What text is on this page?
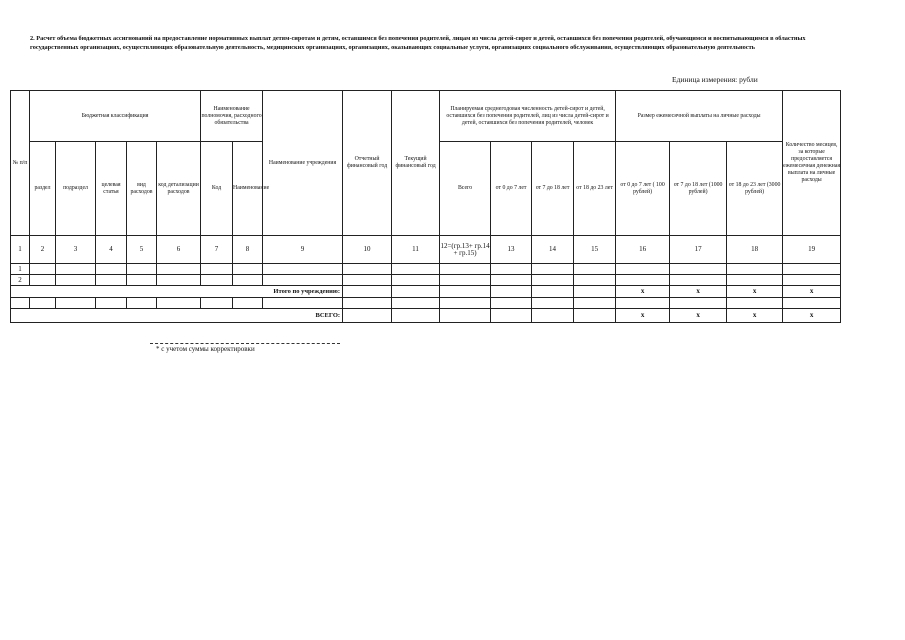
2. Расчет объема бюджетных ассигнований на предоставление нормативных выплат детям-сиротам и детям, оставшимся без попечения родителей, лицам из числа детей-сирот и детей, оставшихся без попечения родителей, обучающимся и воспитывающимся в областных государственных организациях, осуществляющих образовательную деятельность, медицинских организациях, организациях, оказывающих социальные услуги, организациях социального обслуживания, осуществляющих образовательную деятельность
Единица измерения: рубли
№ п/п	Бюджетная классификация					Наименование полномочия, расходного обязательства		Наименование учреждения	Отчетный финансовый год	Текущий финансовый год	Планируемая среднегодовая численность детей-сирот и детей, оставшихся без попечения родителей, лиц из числа детей-сирот и детей, оставшихся без попечения родителей, человек				Размер ежемесячной выплаты на личные расходы			Количество месяцев, за которые предоставляется ежемесячная денежная выплата на личные расходы
	раздел	подраздел	целевая статья	вид расходов	код детализации расходов	Код	Наименование				Всего	от 0 до 7 лет	от 7 до 18 лет	от 18 до 23 лет	от 0 до 7 лет ( 100 рублей)	от 7 до 18 лет (1000 рублей)	от 18 до 23 лет (3000 рублей)	
1	2	3	4	5	6	7	8	9	10	11	12=(гр.13+ гр.14 + гр.15)	13	14	15	16	17	18	19
1																		
2																		
Итого по учреждению:															х	х	х	х

ВСЕГО:															х	х	х	х
* с учетом суммы корректировки
